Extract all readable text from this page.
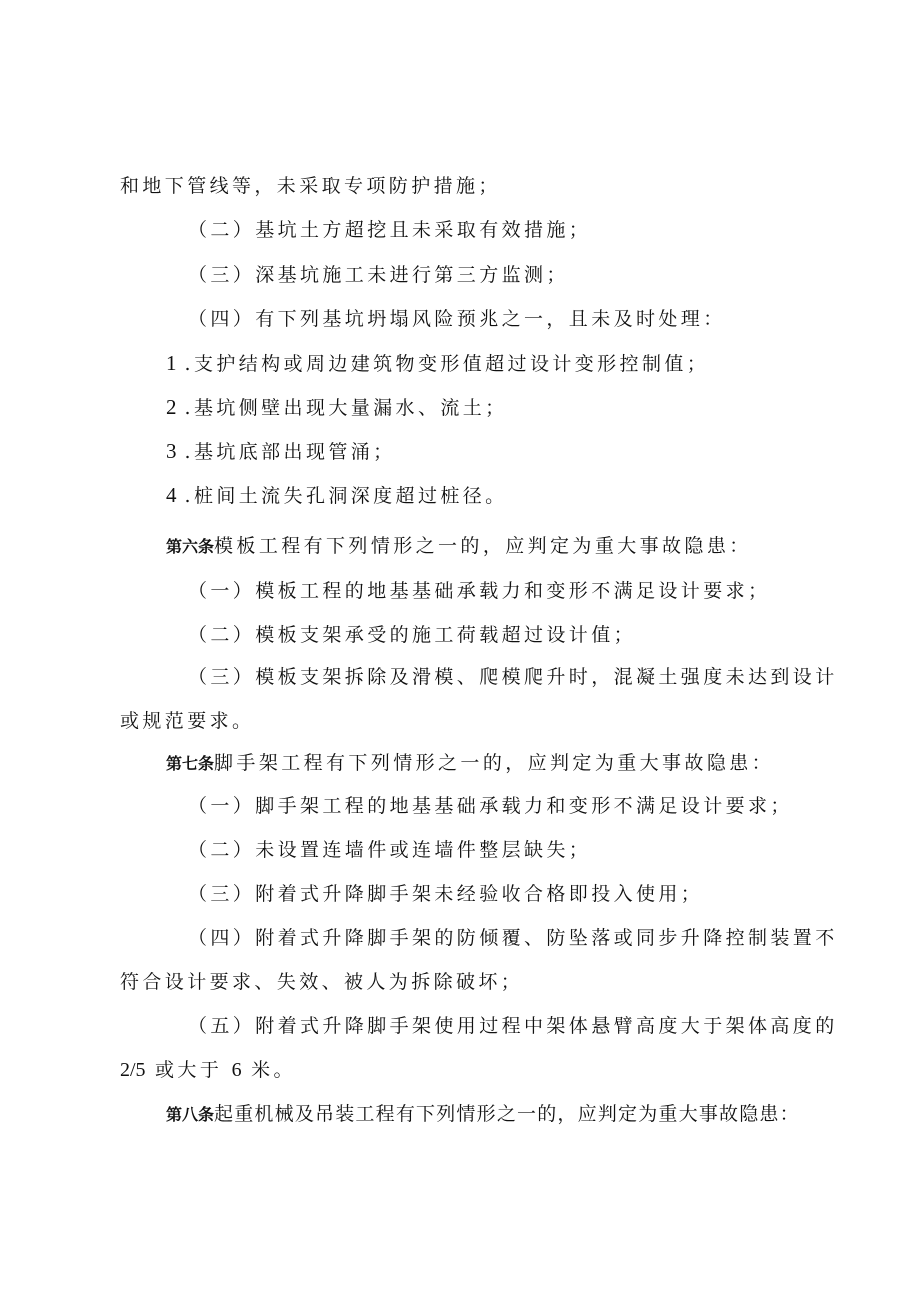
和地下管线等，未采取专项防护措施；
（二）基坑土方超挖且未采取有效措施；
（三）深基坑施工未进行第三方监测；
（四）有下列基坑坍塌风险预兆之一，且未及时处理：
1 .支护结构或周边建筑物变形值超过设计变形控制值；
2 .基坑侧壁出现大量漏水、流土；
3 .基坑底部出现管涌；
4 .桩间土流失孔洞深度超过桩径。
第六条模板工程有下列情形之一的，应判定为重大事故隐患：
（一）模板工程的地基基础承载力和变形不满足设计要求；
（二）模板支架承受的施工荷载超过设计值；
（三）模板支架拆除及滑模、爬模爬升时，混凝土强度未达到设计
或规范要求。
第七条脚手架工程有下列情形之一的，应判定为重大事故隐患：
（一）脚手架工程的地基基础承载力和变形不满足设计要求；
（二）未设置连墙件或连墙件整层缺失；
（三）附着式升降脚手架未经验收合格即投入使用；
（四）附着式升降脚手架的防倾覆、防坠落或同步升降控制装置不
符合设计要求、失效、被人为拆除破坏；
（五）附着式升降脚手架使用过程中架体悬臂高度大于架体高度的
2/5 或大于 6 米。
第八条起重机械及吊装工程有下列情形之一的，应判定为重大事故隐患：
